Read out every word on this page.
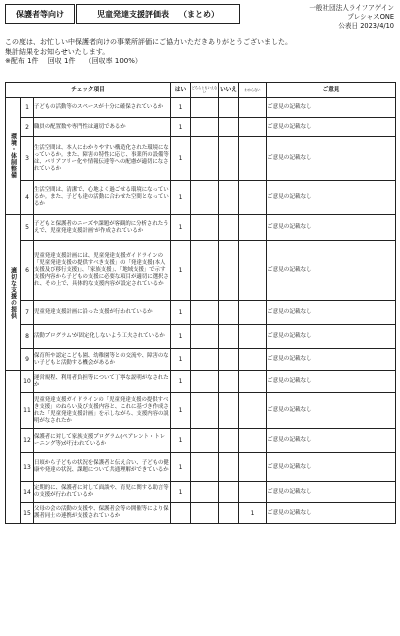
保護者等向け	児童発達支援評価表 （まとめ）
一般社団法人ライフアゲイン
プレシャスONE
公表日 2023/4/10
この度は、お忙しい中保護者向けの事業所評価にご協力いただきありがとうございました。
集計結果をお知らせいたします。
※配布 1件　 回収 1件　 （回収率 100%）
チェック項目			はい	どちらともいえない	いいえ	わからない	ご意見
環境・体制整備	1	子どもの活動等のスペースが十分に確保されているか	1				ご意見の記載なし
	2	職員の配置数や専門性は適切であるか	1				ご意見の記載なし
	3	生活空間は、本人にわかりやすい構造化された環境になっているか。また、障害の特性に応じ、事業所の設備等は、バリアフリー化や情報伝達等への配慮が適切になされているか	1				ご意見の記載なし
	4	生活空間は、清潔で、心地よく過ごせる環境になっているか。また、子ども達の活動に合わせた空間となっているか	1				ご意見の記載なし
適切な支援の提供	5	子どもと保護者のニーズや課題が客観的に分析されたうえで、児童発達支援計画'が作成されているか	1				ご意見の記載なし
	6	児童発達支援計画には、児童発達支援ガイドラインの「児童発達支援の提供すべき支援」の「発達支援(本人支援及び移行支援)」、「家族支援」、「地域支援」で示す支援内容から子どもの支援に必要な項目が適切に選択され、その上で、具体的な支援内容が設定されているか	1				ご意見の記載なし
	7	児童発達支援計画に沿った支援が行われているか	1				ご意見の記載なし
	8	活動プログラム'が固定化しないよう工夫されているか	1				ご意見の記載なし
	9	保育所や認定こども園、幼稚園等との交流や、障害のない子どもと活動する機会があるか	1				ご意見の記載なし
	10	運営規程、利用者負担等について丁寧な説明がなされたか	1				ご意見の記載なし
	11	児童発達支援ガイドラインの「児童発達支援の提供すべき支援」のねらい及び支援内容と、これに基づき作成された「児童発達支援計画」を示しながら、支援内容の説明がなされたか	1				ご意見の記載なし
	12	保護者に対して家族支援プログラム(ペアレント・トレーニング等)が行われているか	1				ご意見の記載なし
	13	日頃から子どもの状況を保護者と伝え合い、子どもの健康や発達の状況、課題について共通理解ができているか	1				ご意見の記載なし
	14	定期的に、保護者に対して面談や、育児に関する助言等の支援が行われているか	1				ご意見の記載なし
	15	父母の会の活動の支援や、保護者会等の開催等により保護者同士の連携が支援されているか				1	ご意見の記載なし
